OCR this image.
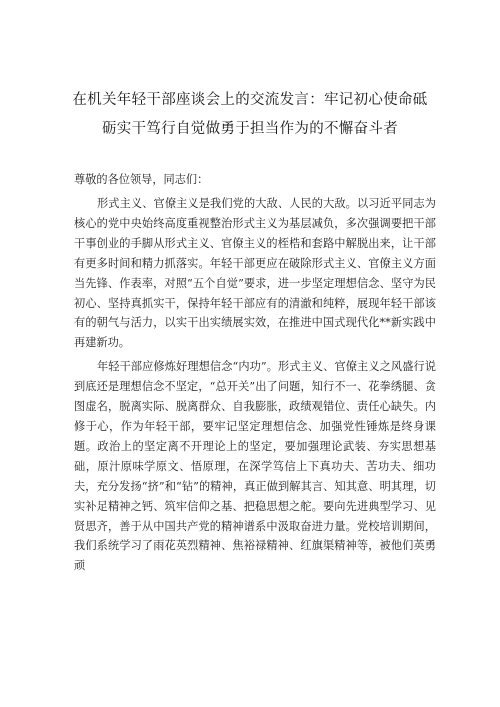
在机关年轻干部座谈会上的交流发言：牢记初心使命砥
砺实干笃行自觉做勇于担当作为的不懈奋斗者
尊敬的各位领导，同志们：

形式主义、官僚主义是我们党的大敌、人民的大敌。以习近平同志为核心的党中央始终高度重视整治形式主义为基层减负，多次强调要把干部干事创业的手脚从形式主义、官僚主义的桎梏和套路中解脱出来，让干部有更多时间和精力抓落实。年轻干部更应在破除形式主义、官僚主义方面当先锋、作表率，对照“五个自觉”要求，进一步坚定理想信念、坚守为民初心、坚持真抓实干，保持年轻干部应有的清澈和纯粹，展现年轻干部该有的朝气与活力，以实干出实绩展实效，在推进中国式现代化**新实践中再建新功。

年轻干部应修炼好理想信念“内功”。形式主义、官僚主义之风盛行说到底还是理想信念不坚定，“总开关”出了问题，知行不一、花拳绣腿、贪图虚名，脱离实际、脱离群众、自我膨胀，政绩观错位、责任心缺失。内修于心，作为年轻干部，要牢记坚定理想信念、加强党性锤炼是终身课题。政治上的坚定离不开理论上的坚定，要加强理论武装、夯实思想基础，原汁原味学原文、悟原理，在深学笃信上下真功夫、苦功夫、细功夫，充分发扬“挤”和“钻”的精神，真正做到解其言、知其意、明其理，切实补足精神之钙、筑牢信仰之基、把稳思想之舵。要向先进典型学习、见贤思齐，善于从中国共产党的精神谱系中汲取奋进力量。党校培训期间，我们系统学习了雨花英烈精神、焦裕禄精神、红旗渠精神等，被他们英勇顽
